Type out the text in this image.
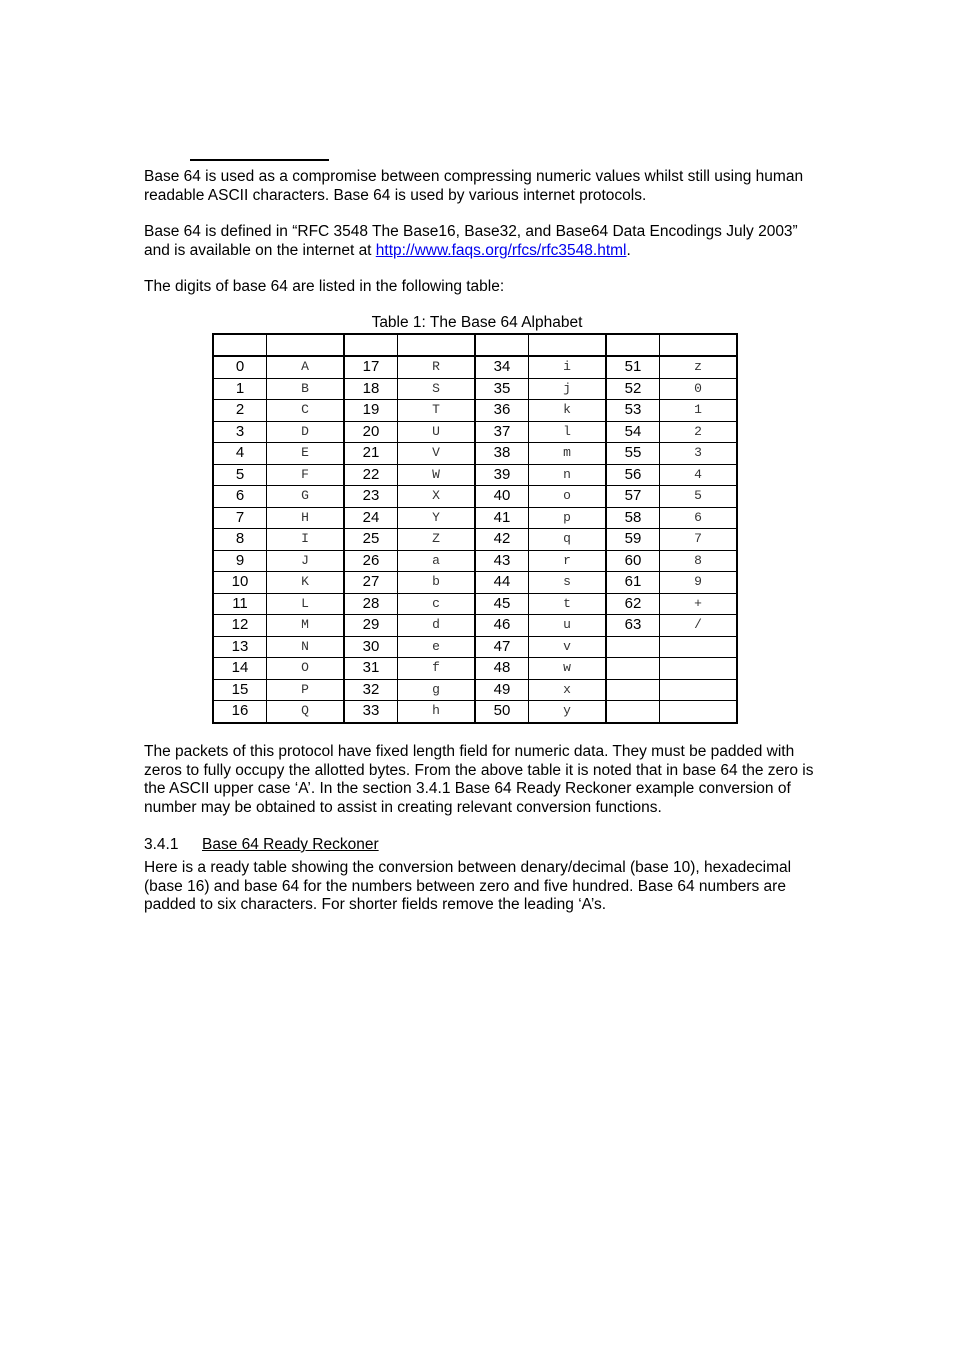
Base 64 is used as a compromise between compressing numeric values whilst still using human readable ASCII characters. Base 64 is used by various internet protocols.

Base 64 is defined in “RFC 3548 The Base16, Base32, and Base64 Data Encodings July 2003” and is available on the internet at http://www.faqs.org/rfcs/rfc3548.html.

The digits of base 64 are listed in the following table:

Table 1: The Base 64 Alphabet

0	A	17	R	34	i	51	z
1	B	18	S	35	j	52	0
2	C	19	T	36	k	53	1
3	D	20	U	37	l	54	2
4	E	21	V	38	m	55	3
5	F	22	W	39	n	56	4
6	G	23	X	40	o	57	5
7	H	24	Y	41	p	58	6
8	I	25	Z	42	q	59	7
9	J	26	a	43	r	60	8
10	K	27	b	44	s	61	9
11	L	28	c	45	t	62	+
12	M	29	d	46	u	63	/
13	N	30	e	47	v		
14	O	31	f	48	w		
15	P	32	g	49	x		
16	Q	33	h	50	y		

The packets of this protocol have fixed length field for numeric data. They must be padded with zeros to fully occupy the allotted bytes. From the above table it is noted that in base 64 the zero is the ASCII upper case ‘A’. In the section 3.4.1 Base 64 Ready Reckoner example conversion of number may be obtained to assist in creating relevant conversion functions.

3.4.1 Base 64 Ready Reckoner

Here is a ready table showing the conversion between denary/decimal (base 10), hexadecimal (base 16) and base 64 for the numbers between zero and five hundred. Base 64 numbers are padded to six characters. For shorter fields remove the leading ‘A’s.
